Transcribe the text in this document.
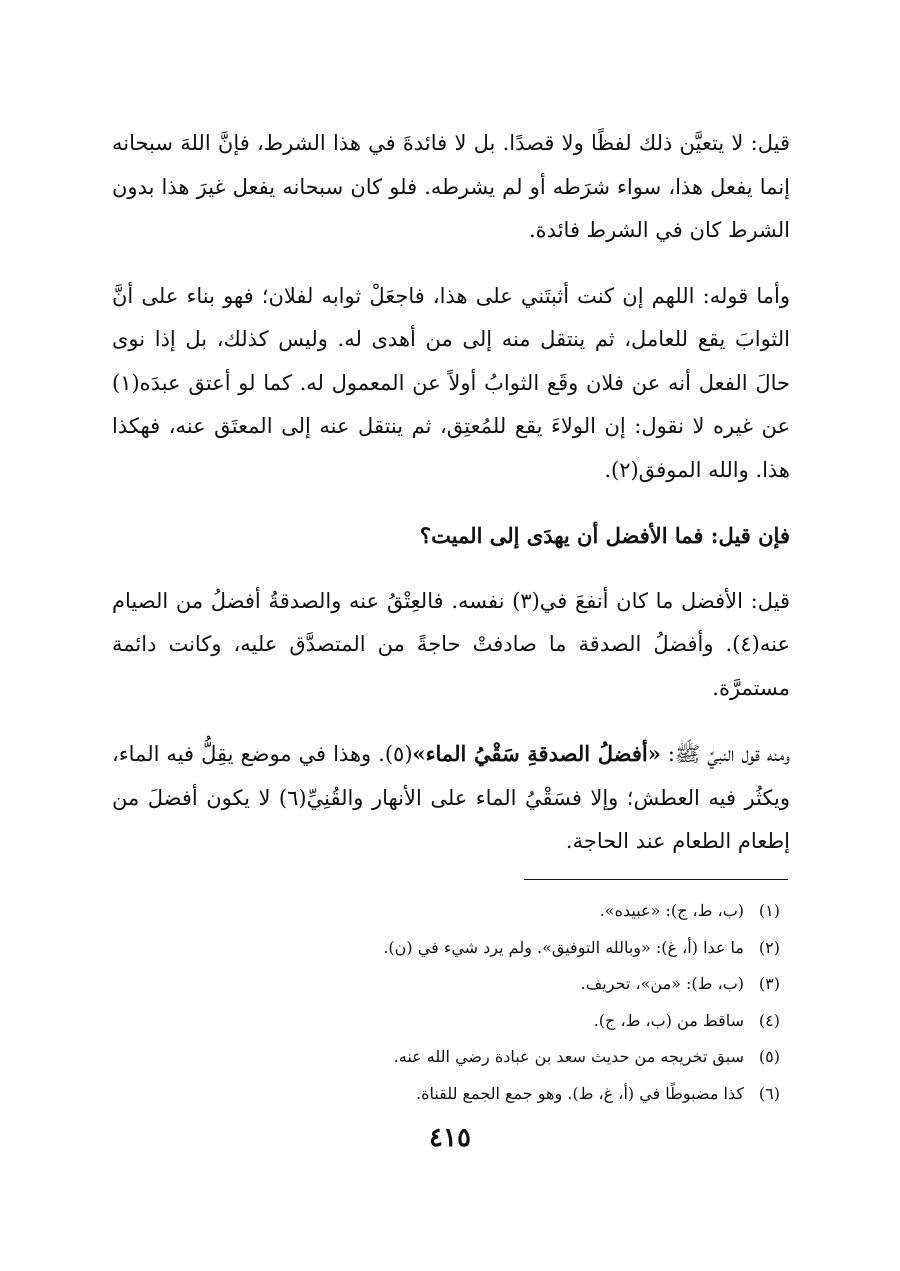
قيل: لا يتعيَّن ذلك لفظًا ولا قصدًا. بل لا فائدةَ في هذا الشرط، فإنَّ اللهَ سبحانه إنما يفعل هذا، سواء شرَطه أو لم يشرطه. فلو كان سبحانه يفعل غيرَ هذا بدون الشرط كان في الشرط فائدة.

وأما قوله: اللهم إن كنت أثبتَني على هذا، فاجعَلْ ثوابه لفلان؛ فهو بناء على أنَّ الثوابَ يقع للعامل، ثم ينتقل منه إلى من أهدى له. وليس كذلك، بل إذا نوى حالَ الفعل أنه عن فلان وقَع الثوابُ أولاً عن المعمول له. كما لو أعتق عبدَه(١) عن غيره لا نقول: إن الولاءَ يقع للمُعتِق، ثم ينتقل عنه إلى المعتَق عنه، فهكذا هذا. والله الموفق(٢).

فإن قيل: فما الأفضل أن يهدَى إلى الميت؟

قيل: الأفضل ما كان أنفعَ في(٣) نفسه. فالعِتْقُ عنه والصدقةُ أفضلُ من الصيام عنه(٤). وأفضلُ الصدقة ما صادفتْ حاجةً من المتصدَّق عليه، وكانت دائمة مستمرَّة.

ومنه قول النبيِّ ﷺ: «أفضلُ الصدقةِ سَقْيُ الماء»(٥). وهذا في موضع يقِلُّ فيه الماء، ويكثُر فيه العطش؛ وإلا فسَقْيُ الماء على الأنهار والقُنِيِّ(٦) لا يكون أفضلَ من إطعام الطعام عند الحاجة.

(١)(ب، ط، ج): «عبيده».
(٢)ما عدا (أ، غ): «وبالله التوفيق». ولم يرد شيء في (ن).
(٣)(ب، ط): «من»، تحريف.
(٤)ساقط من (ب، ط، ج).
(٥)سبق تخريجه من حديث سعد بن عبادة رضي الله عنه.
(٦)كذا مضبوطًا في (أ، غ، ط). وهو جمع الجمع للقناة.
٤١٥
